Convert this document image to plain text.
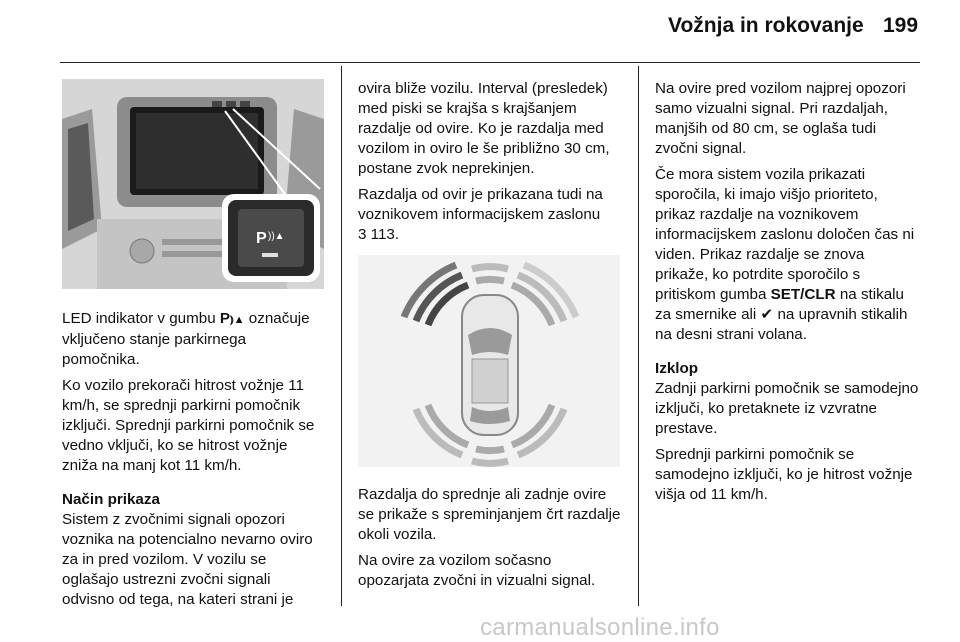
Vožnja in rokovanje 199
P ))▲

LED indikator v gumbu P⦆▲ označuje vključeno stanje parkirnega pomočnika.

Ko vozilo prekorači hitrost vožnje 11 km/h, se sprednji parkirni pomočnik izključi. Sprednji parkirni pomočnik se vedno vključi, ko se hitrost vožnje zniža na manj kot 11 km/h.

Način prikaza

Sistem z zvočnimi signali opozori voznika na potencialno nevarno oviro za in pred vozilom. V vozilu se oglašajo ustrezni zvočni signali odvisno od tega, na kateri strani je

ovira bliže vozilu. Interval (presledek) med piski se krajša s krajšanjem razdalje od ovire. Ko je razdalja med vozilom in oviro le še približno 30 cm, postane zvok neprekinjen.

Razdalja od ovir je prikazana tudi na voznikovem informacijskem zaslonu
3 113.

Razdalja do sprednje ali zadnje ovire se prikaže s spreminjanjem črt razdalje okoli vozila.

Na ovire za vozilom sočasno opozarjata zvočni in vizualni signal.

Na ovire pred vozilom najprej opozori samo vizualni signal. Pri razdaljah, manjših od 80 cm, se oglaša tudi zvočni signal.

Če mora sistem vozila prikazati sporočila, ki imajo višjo prioriteto, prikaz razdalje na voznikovem informacijskem zaslonu določen čas ni viden. Prikaz razdalje se znova prikaže, ko potrdite sporočilo s pritiskom gumba SET/CLR na stikalu za smernike ali ✔ na upravnih stikalih na desni strani volana.

Izklop

Zadnji parkirni pomočnik se samodejno izključi, ko pretaknete iz vzvratne prestave.

Sprednji parkirni pomočnik se samodejno izključi, ko je hitrost vožnje višja od 11 km/h.

carmanualsonline.info
